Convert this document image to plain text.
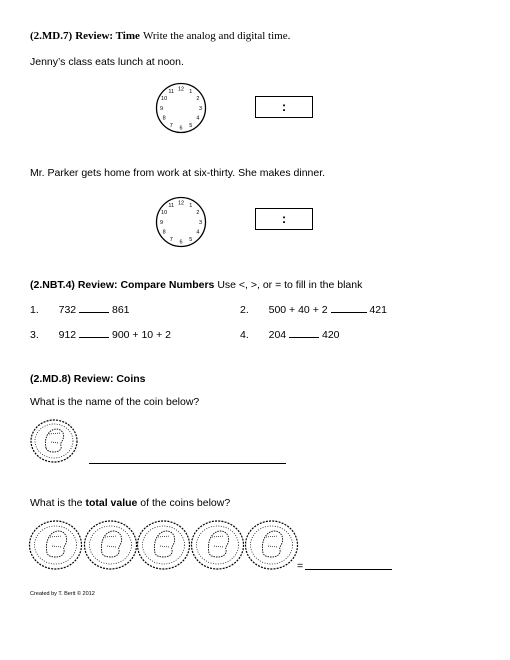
(2.MD.7) Review: Time Write the analog and digital time.
Jenny’s class eats lunch at noon.
12 1
2
3
4
5
6
7
8
9
10
11
:
Mr. Parker gets home from work at six-thirty. She makes dinner.
12 1
2
3
4
5
6
7
8
9
10
11
:
(2.NBT.4) Review: Compare Numbers Use <, >, or = to fill in the blank
1. 732	861	2. 500 + 40 + 2	421
3. 912	900 + 10 + 2	4. 204	420
(2.MD.8) Review: Coins
What is the name of the coin below?
What is the total value of the coins below?
=
Created by T. Berit © 2012
